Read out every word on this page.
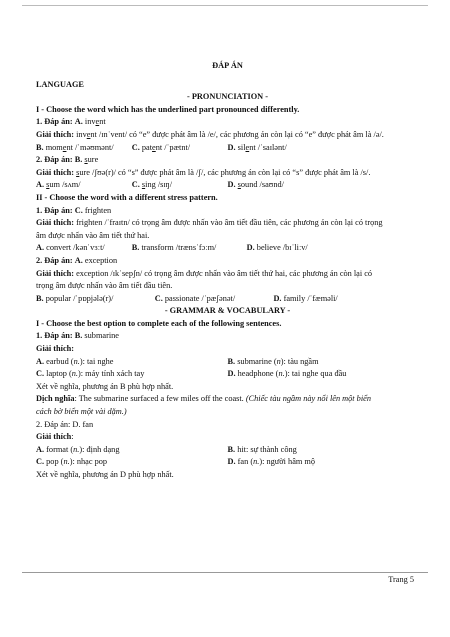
ĐÁP ÁN
LANGUAGE
- PRONUNCIATION -
I - Choose the word which has the underlined part pronounced differently.
1. Đáp án: A. invent
Giải thích: invent /ɪnˈvent/ có “e” được phát âm là /e/, các phương án còn lại có “e” được phát âm là /ə/.
B. moment /ˈməʊmənt/	C. patent /ˈpætnt/	D. silent /ˈsaɪlənt/
2. Đáp án: B. sure
Giải thích: sure /ʃʊə(r)/ có “s” được phát âm là /ʃ/, các phương án còn lại có “s” được phát âm là /s/.
A. sum /sʌm/	C. sing /sɪŋ/	D. sound /saʊnd/
II - Choose the word with a different stress pattern.
1. Đáp án: C. frighten
Giải thích: frighten /ˈfraɪtn/ có trọng âm được nhấn vào âm tiết đầu tiên, các phương án còn lại có trọng
âm được nhấn vào âm tiết thứ hai.
A. convert /kənˈvɜːt/	B. transform /trænsˈfɔːm/	D. believe /bɪˈliːv/
2. Đáp án: A. exception
Giải thích: exception /ɪkˈsepʃn/ có trọng âm được nhấn vào âm tiết thứ hai, các phương án còn lại có
trọng âm được nhấn vào âm tiết đầu tiên.
B. popular /ˈpɒpjələ(r)/	C. passionate /ˈpæʃənət/	D. family /ˈfæməli/
- GRAMMAR & VOCABULARY -
I - Choose the best option to complete each of the following sentences.
1. Đáp án: B. submarine
Giải thích:
A. earbud (n.): tai nghe	B. submarine (n): tàu ngầm
C. laptop (n.): máy tính xách tay	D. headphone (n.): tai nghe qua đầu
Xét về nghĩa, phương án B phù hợp nhất.
Dịch nghĩa: The submarine surfaced a few miles off the coast. (Chiếc tàu ngầm này nổi lên một biển
cách bờ biển một vài dặm.)
2. Đáp án: D. fan
Giải thích:
A. format (n.): định dạng	B. hit: sự thành công
C. pop (n.): nhạc pop	D. fan (n.): người hâm mộ
Xét về nghĩa, phương án D phù hợp nhất.
Trang 5
